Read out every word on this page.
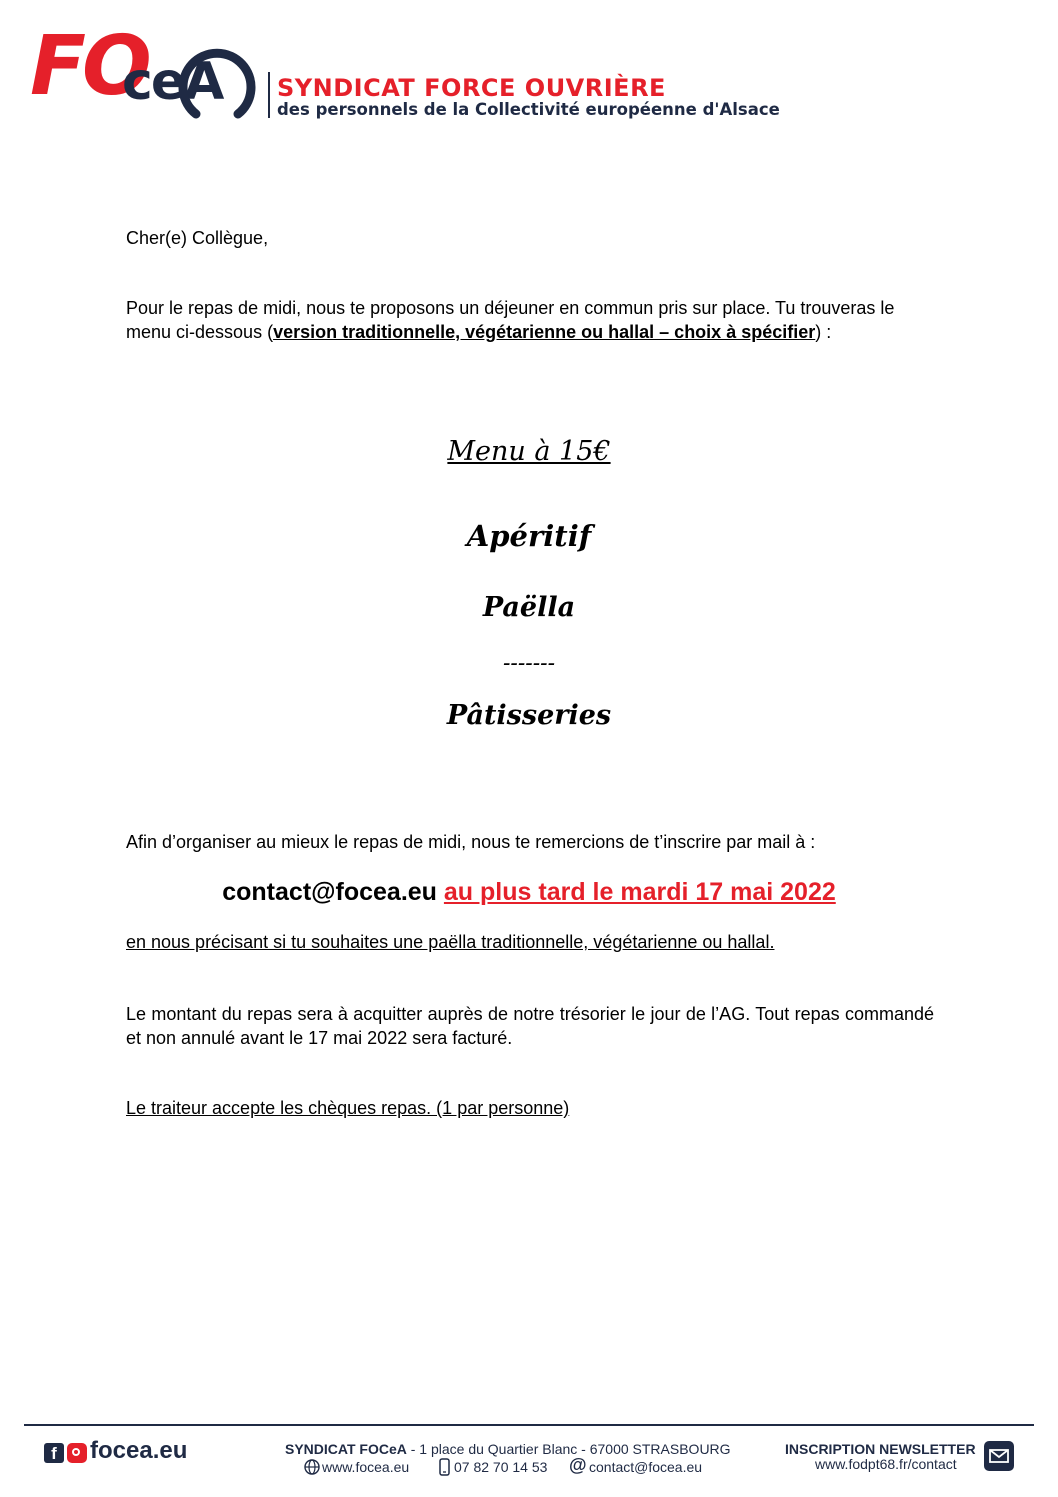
FO
cеA SYNDICAT FORCE OUVRIÈRE
des personnels de la Collectivité européenne d'Alsace
Cher(e) Collègue,
Pour le repas de midi, nous te proposons un déjeuner en commun pris sur place. Tu trouveras le menu ci-dessous (version traditionnelle, végétarienne ou hallal – choix à spécifier) :
Menu à 15€
Apéritif
Paëlla
-------
Pâtisseries
Afin d’organiser au mieux le repas de midi, nous te remercions de t’inscrire par mail à :
contact@focea.eu au plus tard le mardi 17 mai 2022
en nous précisant si tu souhaites une paëlla traditionnelle, végétarienne ou hallal.
Le montant du repas sera à acquitter auprès de notre trésorier le jour de l’AG. Tout repas commandé et non annulé avant le 17 mai 2022 sera facturé.
Le traiteur accepte les chèques repas. (1 par personne)
f focea.eu	SYNDICAT FOCeA - 1 place du Quartier Blanc - 67000 STRASBOURG
www.focea.eu	07 82 70 14 53 @ contact@focea.eu
INSCRIPTION NEWSLETTER
www.fodpt68.fr/contact
